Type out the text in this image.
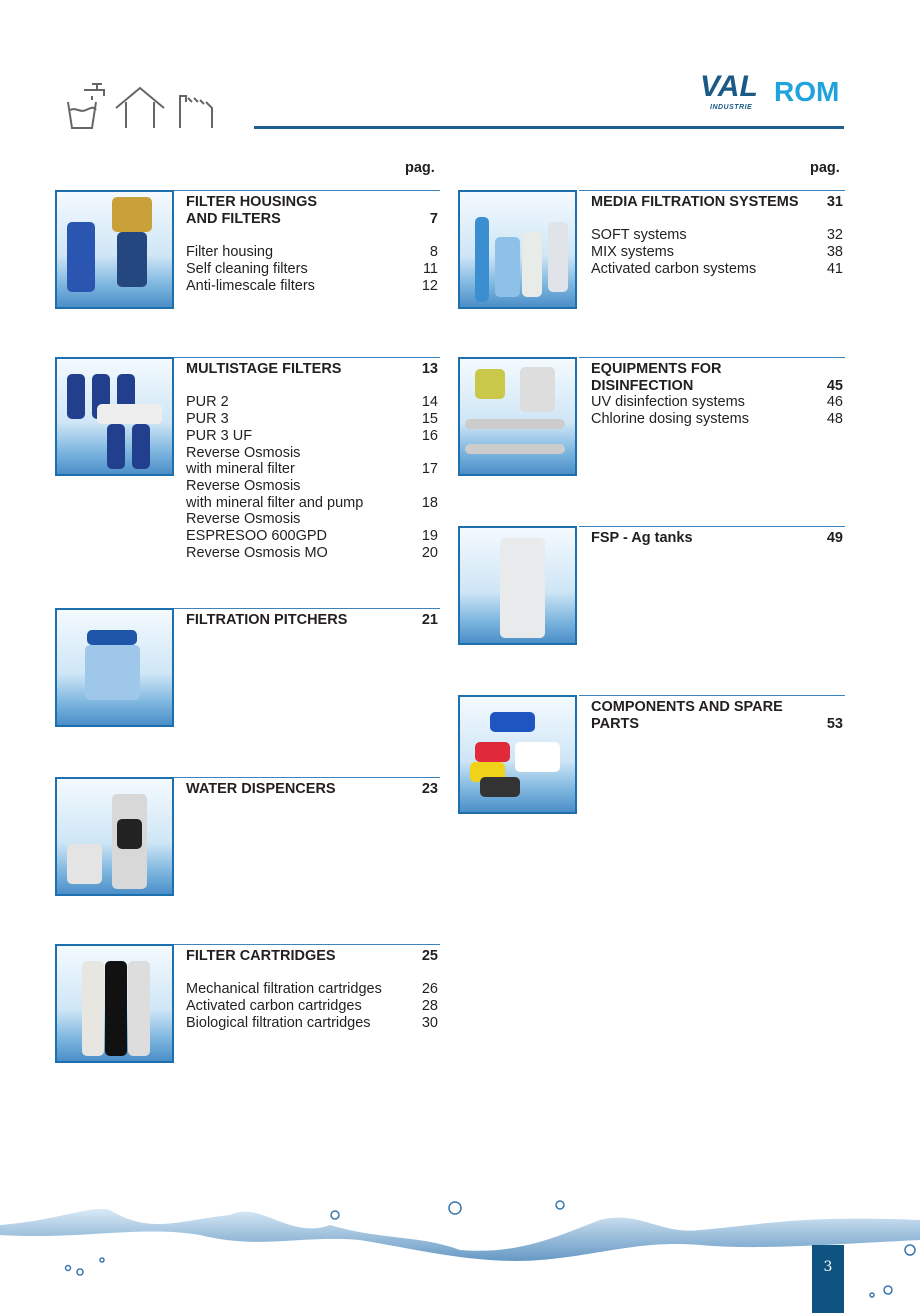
VAL ROM
INDUSTRIE
pag.	pag.
FILTER HOUSINGS
AND FILTERS	7
Filter housing	8
Self cleaning filters	11
Anti-limescale filters	12
MULTISTAGE FILTERS	13
PUR 2	14
PUR 3	15
PUR 3 UF	16
Reverse Osmosis
with mineral filter	17
Reverse Osmosis
with mineral filter and pump	18
Reverse Osmosis
ESPRESOO 600GPD	19
Reverse Osmosis MO	20
FILTRATION PITCHERS	21
WATER DISPENCERS	23
FILTER CARTRIDGES	25
Mechanical filtration cartridges	26
Activated carbon cartridges	28
Biological filtration cartridges	30
MEDIA FILTRATION SYSTEMS 31
SOFT systems	32
MIX systems	38
Activated carbon systems	41
EQUIPMENTS FOR
DISINFECTION	45
UV disinfection systems	46
Chlorine dosing systems	48
FSP - Ag tanks	49
COMPONENTS AND SPARE
PARTS	53
3
